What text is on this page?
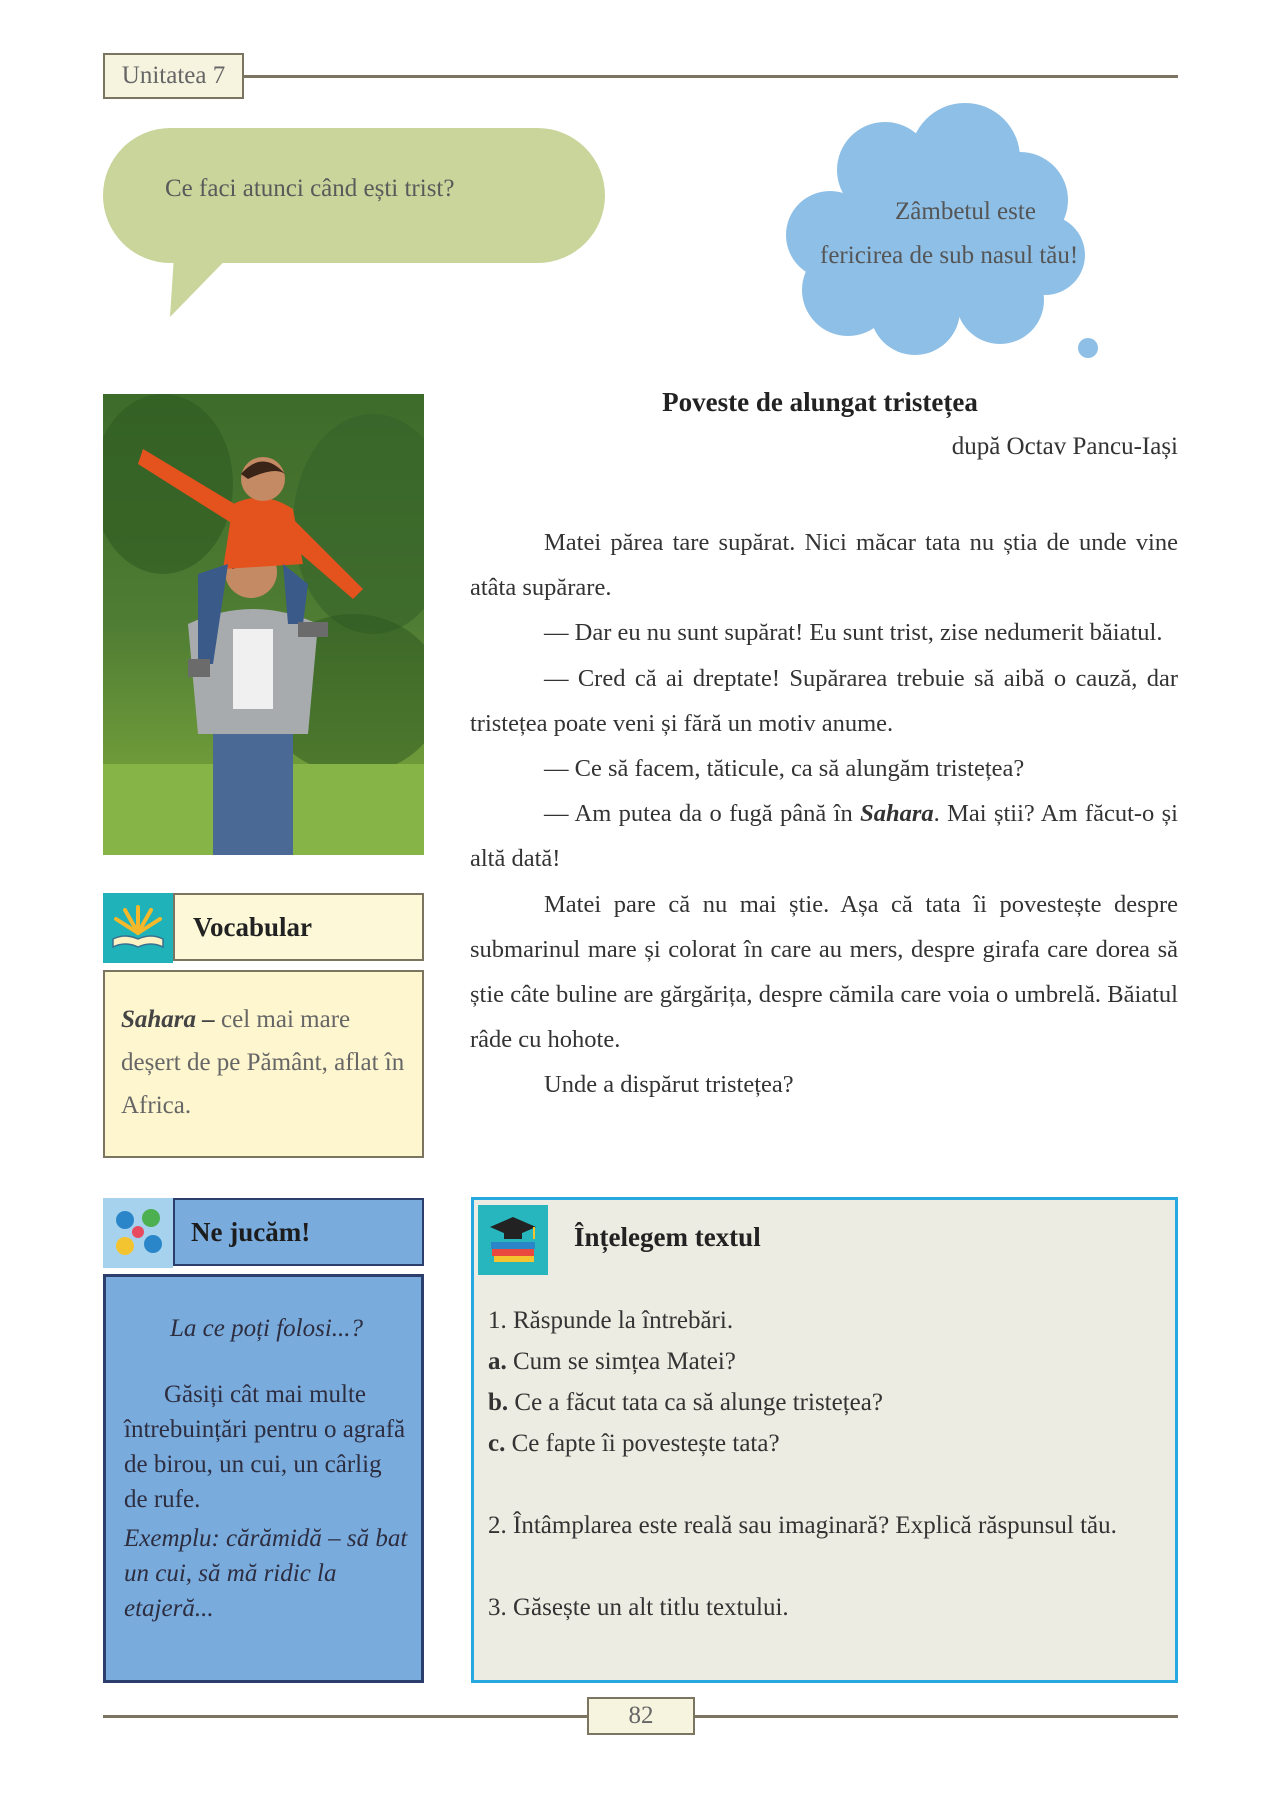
Unitatea 7
Ce faci atunci când ești trist?
Zâmbetul este fericirea de sub nasul tău!
Poveste de alungat tristețea
după Octav Pancu-Iași

Matei părea tare supărat. Nici măcar tata nu știa de unde vine atâta supărare.

— Dar eu nu sunt supărat! Eu sunt trist, zise nedumerit băiatul.

— Cred că ai dreptate! Supărarea trebuie să aibă o cauză, dar tristețea poate veni și fără un motiv anume.

— Ce să facem, tăticule, ca să alungăm tristețea?

— Am putea da o fugă până în Sahara. Mai știi? Am făcut-o și altă dată!

Matei pare că nu mai știe. Așa că tata îi povestește despre submarinul mare și colorat în care au mers, despre girafa care dorea să știe câte buline are gărgărița, despre cămila care voia o umbrelă. Băiatul râde cu hohote.

Unde a dispărut tristețea?

Vocabular
Sahara – cel mai mare deșert de pe Pământ, aflat în Africa.
Ne jucăm!
La ce poți folosi...?
Găsiți cât mai multe întrebuințări pentru o agrafă de birou, un cui, un cârlig de rufe.
Exemplu: cărămidă – să bat un cui, să mă ridic la etajeră...
Înțelegem textul
1. Răspunde la întrebări.
a. Cum se simțea Matei?
b. Ce a făcut tata ca să alunge tristețea?
c. Ce fapte îi povestește tata?
2. Întâmplarea este reală sau imaginară? Explică răspunsul tău.
3. Găsește un alt titlu textului.
82
